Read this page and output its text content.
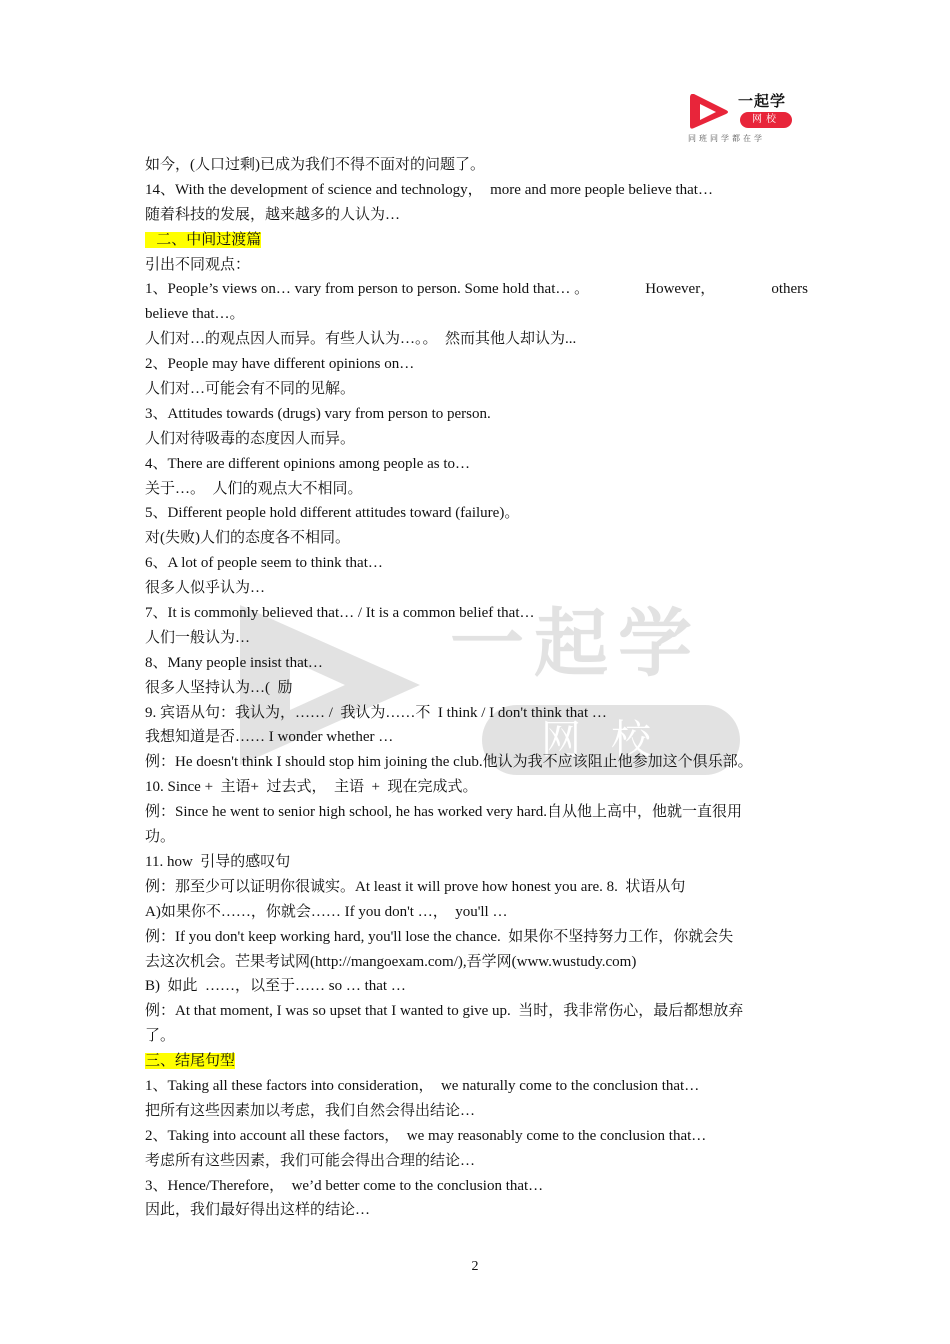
一起学
网校
同班同学都在学
一起学
网校
如今，(人口过剩)已成为我们不得不面对的问题了。
14、With the development of science and technology，  more and more people believe that…
随着科技的发展，越来越多的人认为…
二、中间过渡篇
引出不同观点：
1、People’s views on… vary from person to person. Some hold that… 。	However，	others
believe that…。
人们对…的观点因人而异。有些人认为…。。  然而其他人却认为...
2、People may have different opinions on…
人们对…可能会有不同的见解。
3、Attitudes towards (drugs) vary from person to person.
人们对待吸毒的态度因人而异。
4、There are different opinions among people as to…
关于…。  人们的观点大不相同。
5、Different people hold different attitudes toward (failure)。
对(失败)人们的态度各不相同。
6、A lot of people seem to think that…
很多人似乎认为…
7、It is commonly believed that… / It is a common belief that…
人们一般认为…
8、Many people insist that…
很多人坚持认为…(  励
9. 宾语从句：我认为，…… /  我认为……不  I think / I don't think that …
我想知道是否…… I wonder whether …
例：He doesn't think I should stop him joining the club.他认为我不应该阻止他参加这个俱乐部。
10. Since +  主语+  过去式，  主语  +  现在完成式。
例：Since he went to senior high school, he has worked very hard.自从他上高中，他就一直很用
功。
11. how  引导的感叹句
例：那至少可以证明你很诚实。At least it will prove how honest you are. 8.  状语从句
A)如果你不……，你就会…… If you don't …，  you'll …
例：If you don't keep working hard, you'll lose the chance.  如果你不坚持努力工作，你就会失
去这次机会。芒果考试网(http://mangoexam.com/),吾学网(www.wustudy.com)
B)  如此  ……，以至于…… so … that …
例：At that moment, I was so upset that I wanted to give up.  当时，我非常伤心，最后都想放弃
了。
三、结尾句型
1、Taking all these factors into consideration，  we naturally come to the conclusion that…
把所有这些因素加以考虑，我们自然会得出结论…
2、Taking into account all these factors，  we may reasonably come to the conclusion that…
考虑所有这些因素，我们可能会得出合理的结论…
3、Hence/Therefore，  we’d better come to the conclusion that…
因此，我们最好得出这样的结论…
2
